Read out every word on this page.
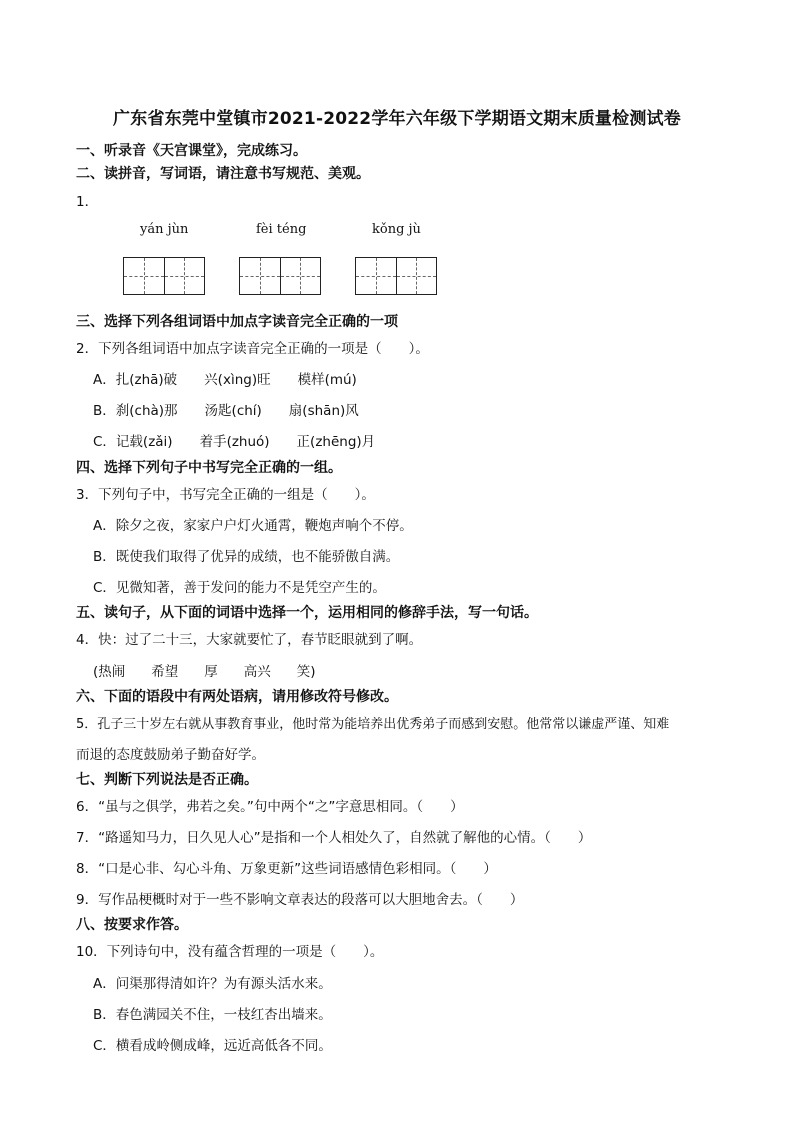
广东省东莞中堂镇市2021-2022学年六年级下学期语文期末质量检测试卷
一、听录音《天宫课堂》，完成练习。
二、读拼音，写词语，请注意书写规范、美观。
1．
yán jùn	fèi téng	kǒng jù
三、选择下列各组词语中加点字读音完全正确的一项
2．下列各组词语中加点字读音完全正确的一项是（　　）。
A．扎(zhā)破　　兴(xìng)旺　　模样(mú)
B．刹(chà)那　　汤匙(chí)　　扇(shān)风
C．记载(zǎi)　　着手(zhuó)　　正(zhēng)月
四、选择下列句子中书写完全正确的一组。
3．下列句子中，书写完全正确的一组是（　　）。
A．除夕之夜，家家户户灯火通霄，鞭炮声响个不停。
B．既使我们取得了优异的成绩，也不能骄傲自满。
C．见微知著，善于发问的能力不是凭空产生的。
五、读句子，从下面的词语中选择一个，运用相同的修辞手法，写一句话。
4．快：过了二十三，大家就要忙了，春节眨眼就到了啊。
(热闹 希望 厚 高兴 笑)
六、下面的语段中有两处语病，请用修改符号修改。
5．孔子三十岁左右就从事教育事业，他时常为能培养出优秀弟子而感到安慰。他常常以谦虚严谨、知难
而退的态度鼓励弟子勤奋好学。
七、判断下列说法是否正确。
6．“虽与之俱学，弗若之矣。”句中两个“之”字意思相同。（　　）
7．“路遥知马力，日久见人心”是指和一个人相处久了，自然就了解他的心情。（　　）
8．“口是心非、勾心斗角、万象更新”这些词语感情色彩相同。（　　）
9．写作品梗概时对于一些不影响文章表达的段落可以大胆地舍去。（　　）
八、按要求作答。
10．下列诗句中，没有蕴含哲理的一项是（　　）。
A．问渠那得清如许？为有源头活水来。
B．春色满园关不住，一枝红杏出墙来。
C．横看成岭侧成峰，远近高低各不同。
